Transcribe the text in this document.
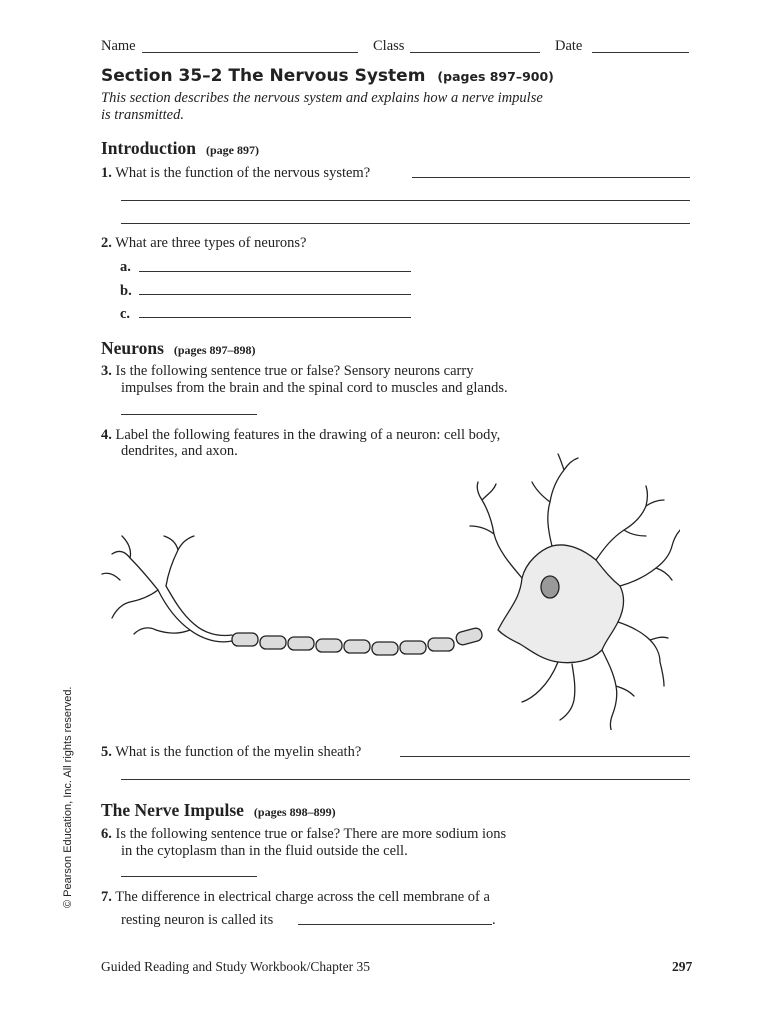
Name	Class	Date
Section 35–2 The Nervous System (pages 897–900)
This section describes the nervous system and explains how a nerve impulse
is transmitted.
Introduction (page 897)
1. What is the function of the nervous system?
2. What are three types of neurons?
a.
b.
c.
Neurons (pages 897–898)
3. Is the following sentence true or false? Sensory neurons carry
impulses from the brain and the spinal cord to muscles and glands.
4. Label the following features in the drawing of a neuron: cell body,
dendrites, and axon.
5. What is the function of the myelin sheath?
The Nerve Impulse (pages 898–899)
6. Is the following sentence true or false? There are more sodium ions
in the cytoplasm than in the fluid outside the cell.
7. The difference in electrical charge across the cell membrane of a
resting neuron is called its	.
© Pearson Education, Inc. All rights reserved.
Guided Reading and Study Workbook/Chapter 35	297
